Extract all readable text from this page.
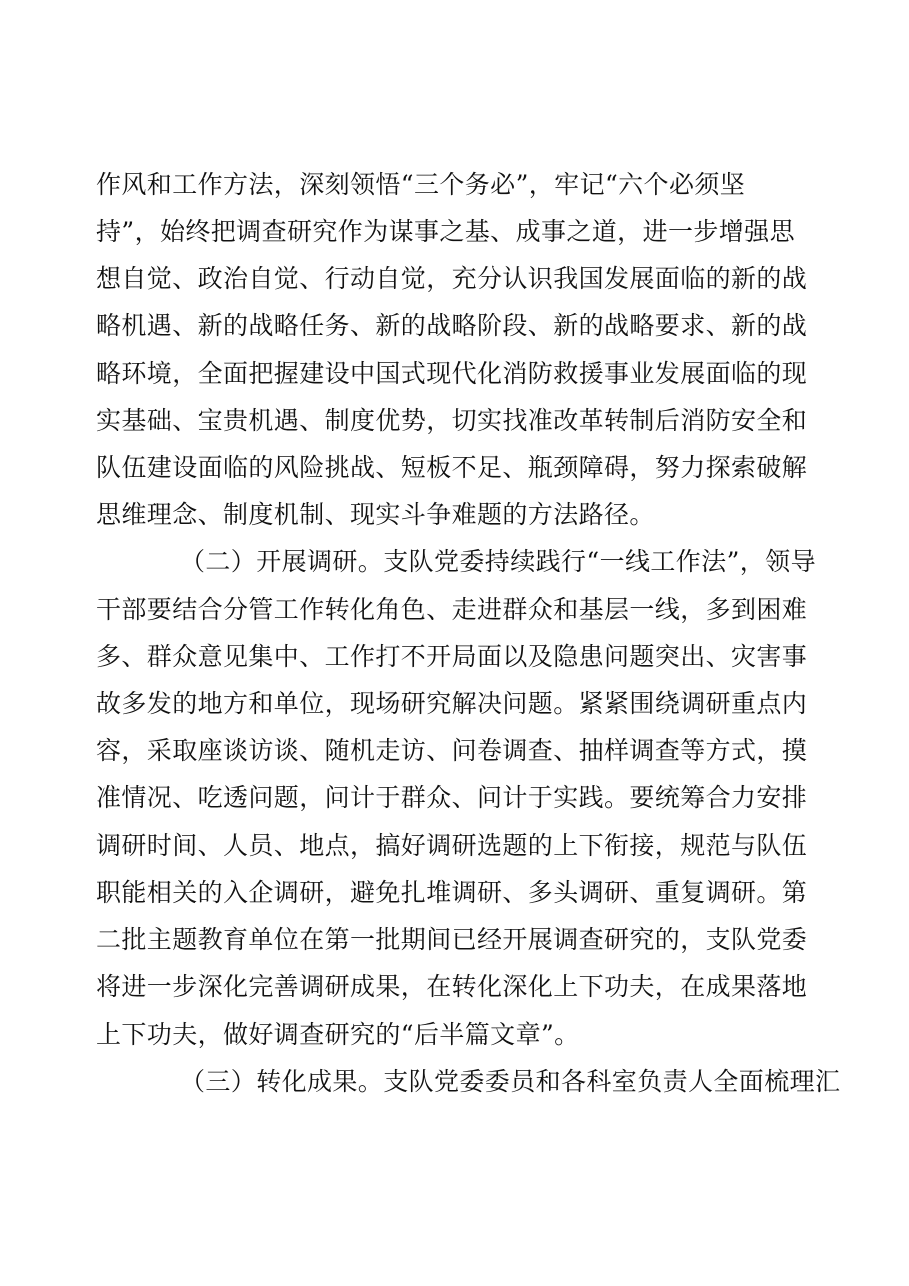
作风和工作方法，深刻领悟“三个务必”，牢记“六个必须坚
持”，始终把调查研究作为谋事之基、成事之道，进一步增强思
想自觉、政治自觉、行动自觉，充分认识我国发展面临的新的战
略机遇、新的战略任务、新的战略阶段、新的战略要求、新的战
略环境，全面把握建设中国式现代化消防救援事业发展面临的现
实基础、宝贵机遇、制度优势，切实找准改革转制后消防安全和
队伍建设面临的风险挑战、短板不足、瓶颈障碍，努力探索破解
思维理念、制度机制、现实斗争难题的方法路径。
（二）开展调研。支队党委持续践行“一线工作法”，领导
干部要结合分管工作转化角色、走进群众和基层一线，多到困难
多、群众意见集中、工作打不开局面以及隐患问题突出、灾害事
故多发的地方和单位，现场研究解决问题。紧紧围绕调研重点内
容，采取座谈访谈、随机走访、问卷调查、抽样调查等方式，摸
准情况、吃透问题，问计于群众、问计于实践。要统筹合力安排
调研时间、人员、地点，搞好调研选题的上下衔接，规范与队伍
职能相关的入企调研，避免扎堆调研、多头调研、重复调研。第
二批主题教育单位在第一批期间已经开展调查研究的，支队党委
将进一步深化完善调研成果，在转化深化上下功夫，在成果落地
上下功夫，做好调查研究的“后半篇文章”。
（三）转化成果。支队党委委员和各科室负责人全面梳理汇
